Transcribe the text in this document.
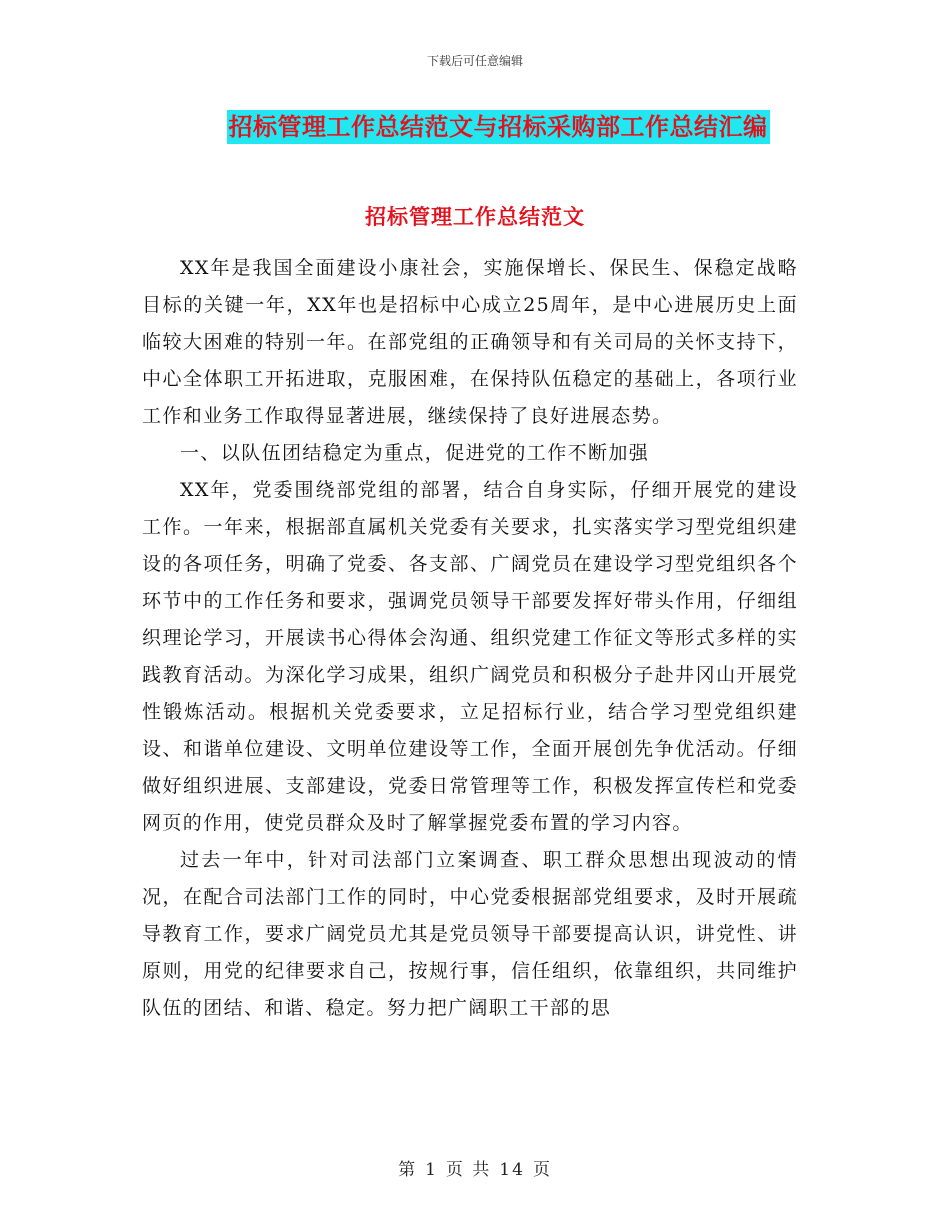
下载后可任意编辑
招标管理工作总结范文与招标采购部工作总结汇编
招标管理工作总结范文

XX年是我国全面建设小康社会，实施保增长、保民生、保稳定战略目标的关键一年，XX年也是招标中心成立25周年，是中心进展历史上面临较大困难的特别一年。在部党组的正确领导和有关司局的关怀支持下，中心全体职工开拓进取，克服困难，在保持队伍稳定的基础上，各项行业工作和业务工作取得显著进展，继续保持了良好进展态势。

一、以队伍团结稳定为重点，促进党的工作不断加强

XX年，党委围绕部党组的部署，结合自身实际，仔细开展党的建设工作。一年来，根据部直属机关党委有关要求，扎实落实学习型党组织建设的各项任务，明确了党委、各支部、广阔党员在建设学习型党组织各个环节中的工作任务和要求，强调党员领导干部要发挥好带头作用，仔细组织理论学习，开展读书心得体会沟通、组织党建工作征文等形式多样的实践教育活动。为深化学习成果，组织广阔党员和积极分子赴井冈山开展党性锻炼活动。根据机关党委要求，立足招标行业，结合学习型党组织建设、和谐单位建设、文明单位建设等工作，全面开展创先争优活动。仔细做好组织进展、支部建设，党委日常管理等工作，积极发挥宣传栏和党委网页的作用，使党员群众及时了解掌握党委布置的学习内容。

过去一年中，针对司法部门立案调查、职工群众思想出现波动的情况，在配合司法部门工作的同时，中心党委根据部党组要求，及时开展疏导教育工作，要求广阔党员尤其是党员领导干部要提高认识，讲党性、讲原则，用党的纪律要求自己，按规行事，信任组织，依靠组织，共同维护队伍的团结、和谐、稳定。努力把广阔职工干部的思

第 1 页 共 14 页
